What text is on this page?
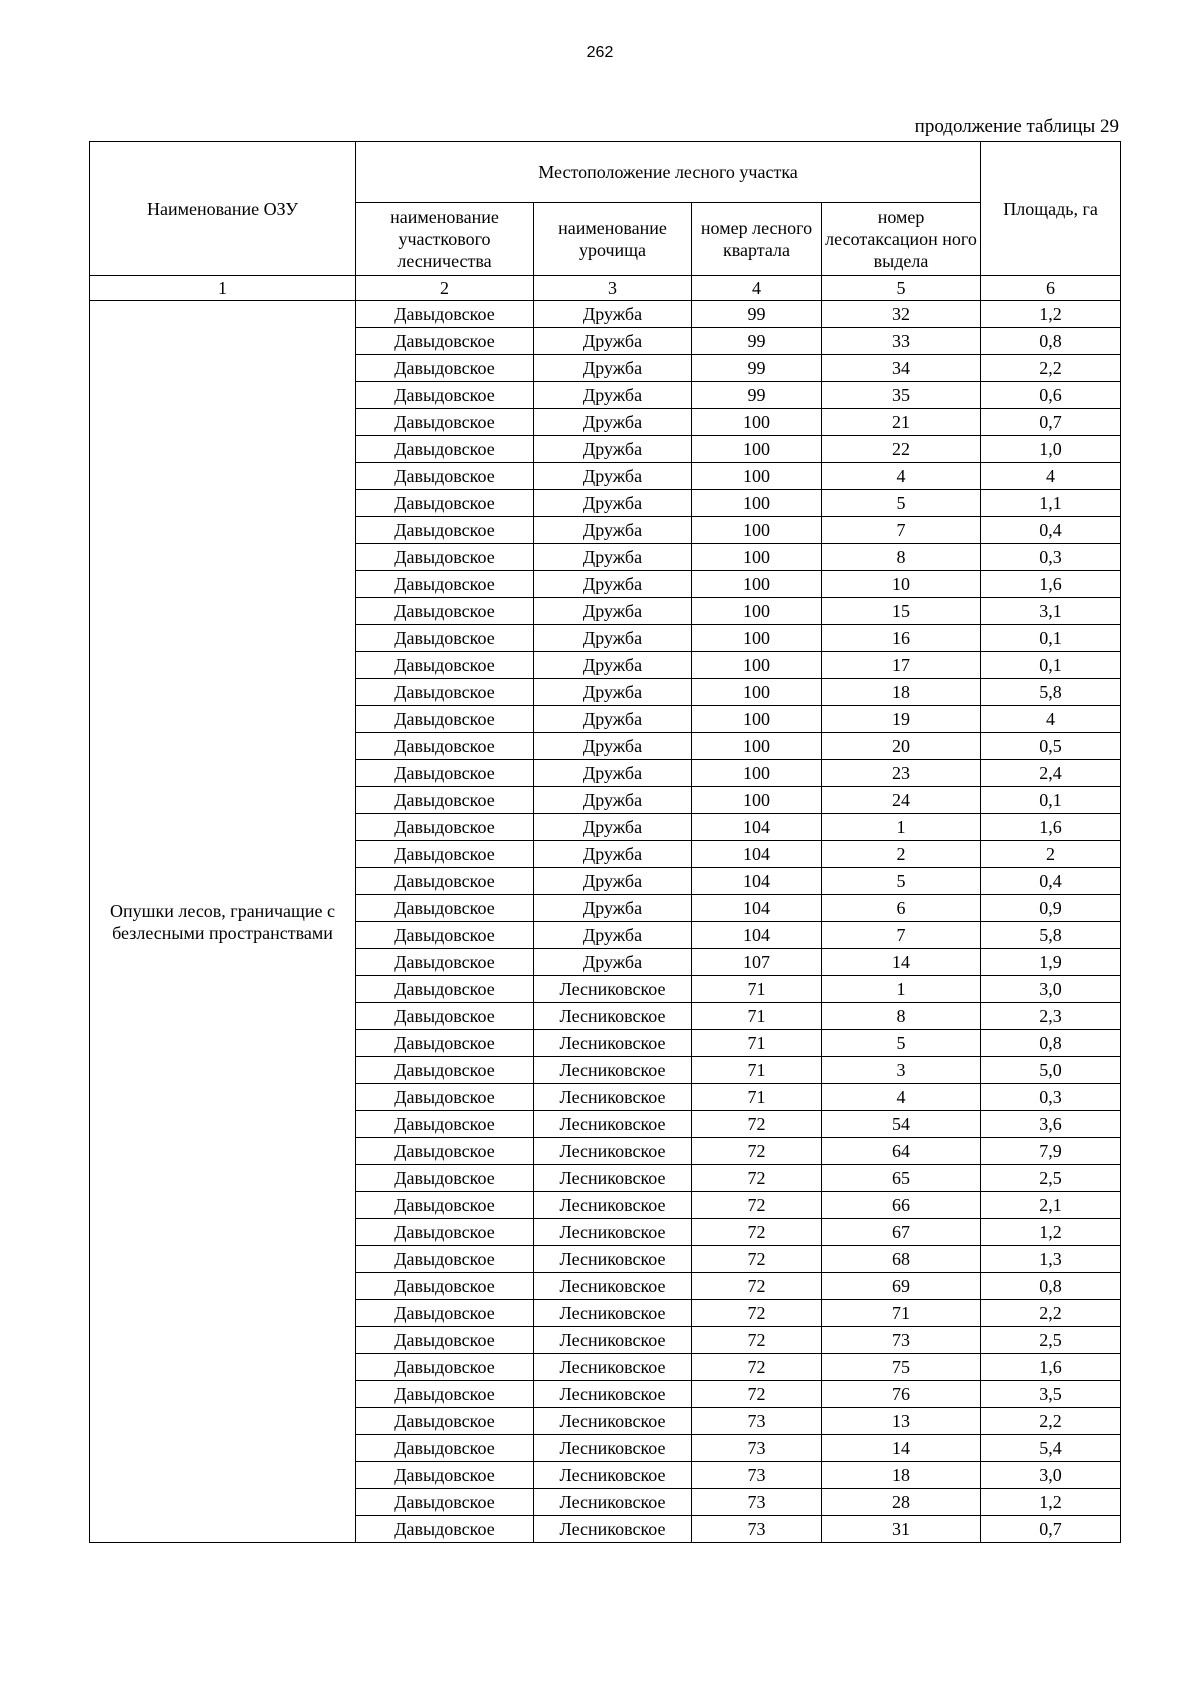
262
продолжение таблицы 29
Наименование ОЗУ	Местоположение лесного участка				Площадь, га
	наименование участкового лесничества	наименование урочища	номер лесного квартала	номер лесотаксацион ного выдела	
1	2	3	4	5	6
Опушки лесов, граничащие с безлесными пространствами	Давыдовское	Дружба	99	32	1,2
	Давыдовское	Дружба	99	33	0,8
	Давыдовское	Дружба	99	34	2,2
	Давыдовское	Дружба	99	35	0,6
	Давыдовское	Дружба	100	21	0,7
	Давыдовское	Дружба	100	22	1,0
	Давыдовское	Дружба	100	4	4
	Давыдовское	Дружба	100	5	1,1
	Давыдовское	Дружба	100	7	0,4
	Давыдовское	Дружба	100	8	0,3
	Давыдовское	Дружба	100	10	1,6
	Давыдовское	Дружба	100	15	3,1
	Давыдовское	Дружба	100	16	0,1
	Давыдовское	Дружба	100	17	0,1
	Давыдовское	Дружба	100	18	5,8
	Давыдовское	Дружба	100	19	4
	Давыдовское	Дружба	100	20	0,5
	Давыдовское	Дружба	100	23	2,4
	Давыдовское	Дружба	100	24	0,1
	Давыдовское	Дружба	104	1	1,6
	Давыдовское	Дружба	104	2	2
	Давыдовское	Дружба	104	5	0,4
	Давыдовское	Дружба	104	6	0,9
	Давыдовское	Дружба	104	7	5,8
	Давыдовское	Дружба	107	14	1,9
	Давыдовское	Лесниковское	71	1	3,0
	Давыдовское	Лесниковское	71	8	2,3
	Давыдовское	Лесниковское	71	5	0,8
	Давыдовское	Лесниковское	71	3	5,0
	Давыдовское	Лесниковское	71	4	0,3
	Давыдовское	Лесниковское	72	54	3,6
	Давыдовское	Лесниковское	72	64	7,9
	Давыдовское	Лесниковское	72	65	2,5
	Давыдовское	Лесниковское	72	66	2,1
	Давыдовское	Лесниковское	72	67	1,2
	Давыдовское	Лесниковское	72	68	1,3
	Давыдовское	Лесниковское	72	69	0,8
	Давыдовское	Лесниковское	72	71	2,2
	Давыдовское	Лесниковское	72	73	2,5
	Давыдовское	Лесниковское	72	75	1,6
	Давыдовское	Лесниковское	72	76	3,5
	Давыдовское	Лесниковское	73	13	2,2
	Давыдовское	Лесниковское	73	14	5,4
	Давыдовское	Лесниковское	73	18	3,0
	Давыдовское	Лесниковское	73	28	1,2
	Давыдовское	Лесниковское	73	31	0,7
